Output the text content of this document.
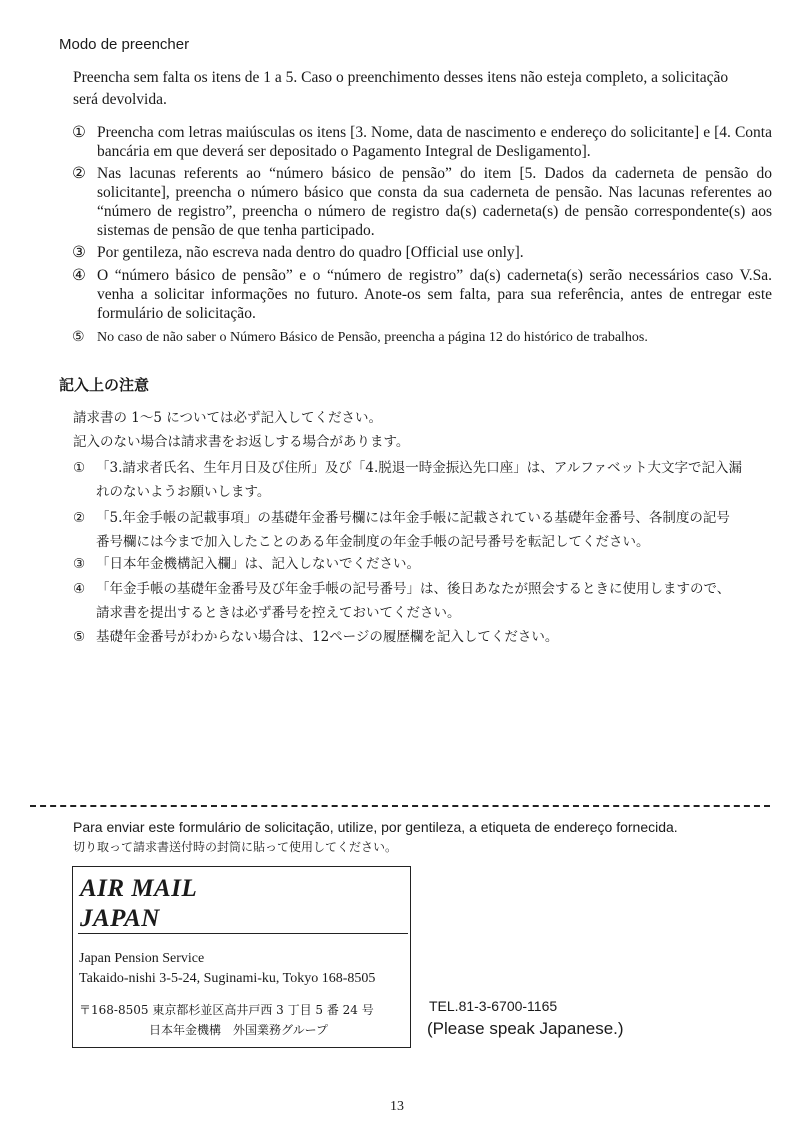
Modo de preencher
Preencha sem falta os itens de 1 a 5. Caso o preenchimento desses itens não esteja completo, a solicitação
será devolvida.
① Preencha com letras maiúsculas os itens [3. Nome, data de nascimento e endereço do solicitante] e [4. Conta bancária em que deverá ser depositado o Pagamento Integral de Desligamento].
② Nas lacunas referents ao “número básico de pensão” do item [5. Dados da caderneta de pensão do solicitante], preencha o número básico que consta da sua caderneta de pensão. Nas lacunas referentes ao “número de registro”, preencha o número de registro da(s) caderneta(s) de pensão correspondente(s) aos sistemas de pensão de que tenha participado.
③ Por gentileza, não escreva nada dentro do quadro [Official use only].
④ O “número básico de pensão” e o “número de registro” da(s) caderneta(s) serão necessários caso V.Sa. venha a solicitar informações no futuro. Anote-os sem falta, para sua referência, antes de entregar este formulário de solicitação.
⑤ No caso de não saber o Número Básico de Pensão, preencha a página 12 do histórico de trabalhos.
記入上の注意
請求書の 1～5 については必ず記入してください。
記入のない場合は請求書をお返しする場合があります。
① 「3.請求者氏名、生年月日及び住所」及び「4.脱退一時金振込先口座」は、アルファベット大文字で記入漏
れのないようお願いします。
② 「5.年金手帳の記載事項」の基礎年金番号欄には年金手帳に記載されている基礎年金番号、各制度の記号
番号欄には今まで加入したことのある年金制度の年金手帳の記号番号を転記してください。
③ 「日本年金機構記入欄」は、記入しないでください。
④ 「年金手帳の基礎年金番号及び年金手帳の記号番号」は、後日あなたが照会するときに使用しますので、
請求書を提出するときは必ず番号を控えておいてください。
⑤ 基礎年金番号がわからない場合は、12ページの履歴欄を記入してください。
Para enviar este formulário de solicitação, utilize, por gentileza, a etiqueta de endereço fornecida.
切り取って請求書送付時の封筒に貼って使用してください。
AIR MAIL
JAPAN
Japan Pension Service
Takaido-nishi 3-5-24, Suginami-ku, Tokyo 168-8505
〒168-8505 東京都杉並区高井戸西 3 丁目 5 番 24 号
日本年金機構　外国業務グループ
TEL.81-3-6700-1165
(Please speak Japanese.)
13
